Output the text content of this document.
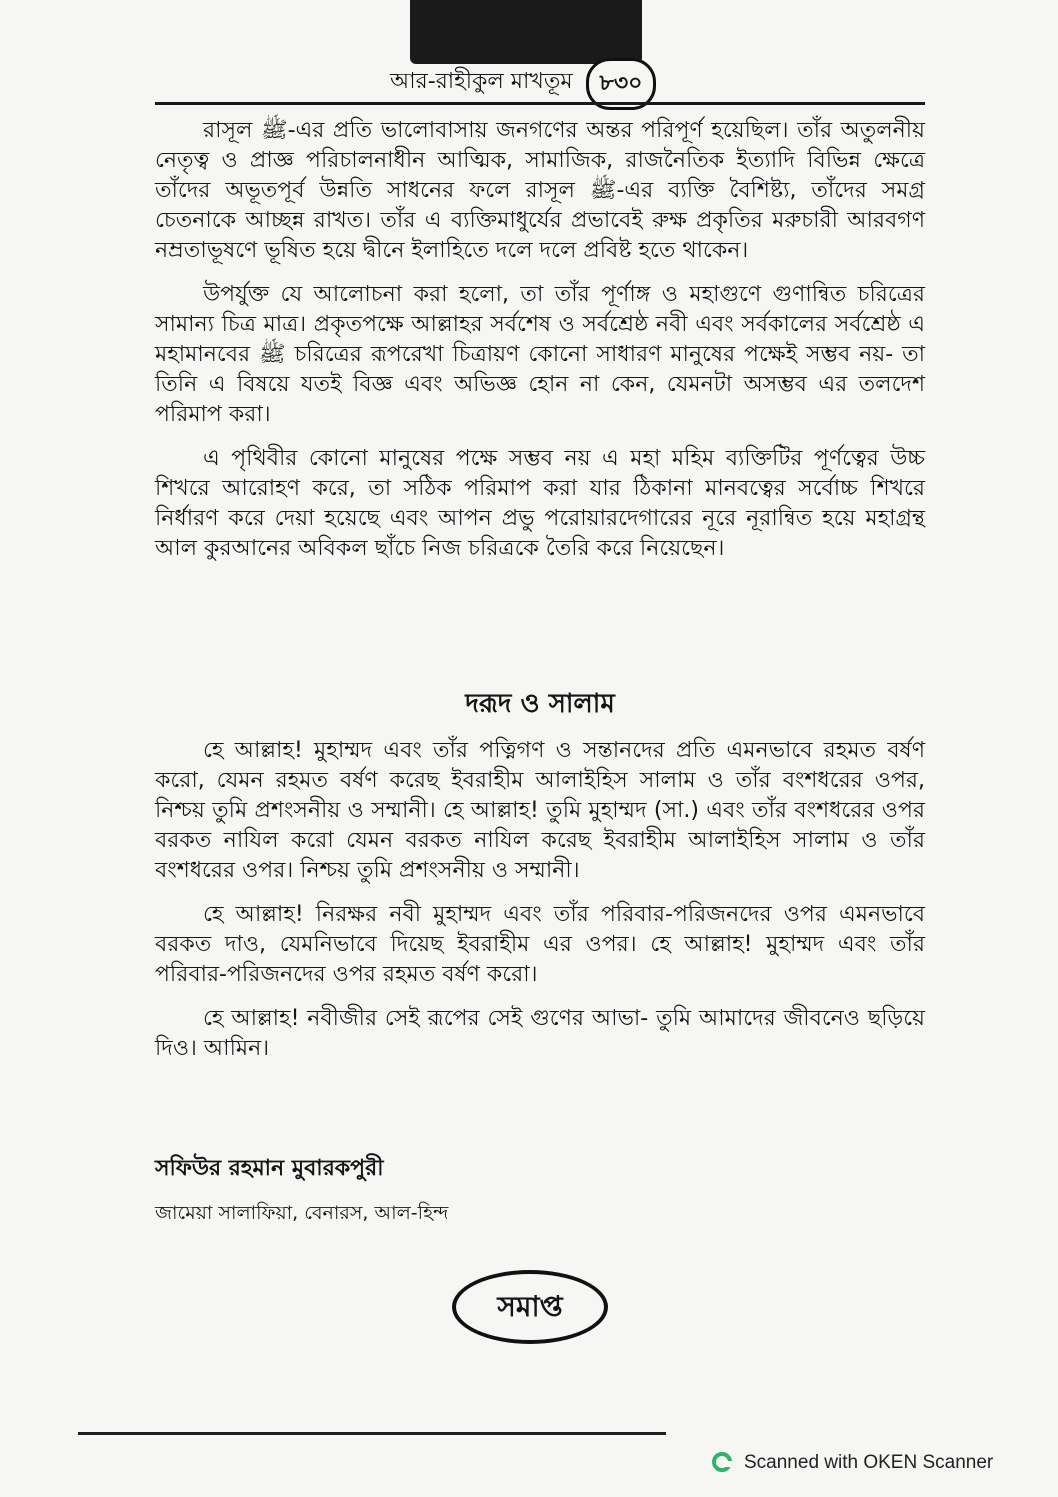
আর-রাহীকুল মাখতূম	৮৩০

রাসূল ﷺ-এর প্রতি ভালোবাসায় জনগণের অন্তর পরিপূর্ণ হয়েছিল। তাঁর অতুলনীয় নেতৃত্ব ও প্রাজ্ঞ পরিচালনাধীন আত্মিক, সামাজিক, রাজনৈতিক ইত্যাদি বিভিন্ন ক্ষেত্রে তাঁদের অভূতপূর্ব উন্নতি সাধনের ফলে রাসূল ﷺ-এর ব্যক্তি বৈশিষ্ট্য, তাঁদের সমগ্র চেতনাকে আচ্ছন্ন রাখত। তাঁর এ ব্যক্তিমাধুর্যের প্রভাবেই রুক্ষ প্রকৃতির মরুচারী আরবগণ নম্রতাভূষণে ভূষিত হয়ে দ্বীনে ইলাহিতে দলে দলে প্রবিষ্ট হতে থাকেন।

উপর্যুক্ত যে আলোচনা করা হলো, তা তাঁর পূর্ণাঙ্গ ও মহাগুণে গুণান্বিত চরিত্রের সামান্য চিত্র মাত্র। প্রকৃতপক্ষে আল্লাহর সর্বশেষ ও সর্বশ্রেষ্ঠ নবী এবং সর্বকালের সর্বশ্রেষ্ঠ এ মহামানবের ﷺ চরিত্রের রূপরেখা চিত্রায়ণ কোনো সাধারণ মানুষের পক্ষেই সম্ভব নয়- তা তিনি এ বিষয়ে যতই বিজ্ঞ এবং অভিজ্ঞ হোন না কেন, যেমনটা অসম্ভব এর তলদেশ পরিমাপ করা।

এ পৃথিবীর কোনো মানুষের পক্ষে সম্ভব নয় এ মহা মহিম ব্যক্তিটির পূর্ণত্বের উচ্চ শিখরে আরোহণ করে, তা সঠিক পরিমাপ করা যার ঠিকানা মানবত্বের সর্বোচ্চ শিখরে নির্ধারণ করে দেয়া হয়েছে এবং আপন প্রভু পরোয়ারদেগারের নূরে নূরান্বিত হয়ে মহাগ্রন্থ আল কুরআনের অবিকল ছাঁচে নিজ চরিত্রকে তৈরি করে নিয়েছেন।

দরূদ ও সালাম

হে আল্লাহ! মুহাম্মদ এবং তাঁর পত্নিগণ ও সন্তানদের প্রতি এমনভাবে রহমত বর্ষণ করো, যেমন রহমত বর্ষণ করেছ ইবরাহীম আলাইহিস সালাম ও তাঁর বংশধরের ওপর, নিশ্চয় তুমি প্রশংসনীয় ও সম্মানী। হে আল্লাহ! তুমি মুহাম্মদ (সা.) এবং তাঁর বংশধরের ওপর বরকত নাযিল করো যেমন বরকত নাযিল করেছ ইবরাহীম আলাইহিস সালাম ও তাঁর বংশধরের ওপর। নিশ্চয় তুমি প্রশংসনীয় ও সম্মানী।

হে আল্লাহ! নিরক্ষর নবী মুহাম্মদ এবং তাঁর পরিবার-পরিজনদের ওপর এমনভাবে বরকত দাও, যেমনিভাবে দিয়েছ ইবরাহীম এর ওপর। হে আল্লাহ! মুহাম্মদ এবং তাঁর পরিবার-পরিজনদের ওপর রহমত বর্ষণ করো।

হে আল্লাহ! নবীজীর সেই রূপের সেই গুণের আভা- তুমি আমাদের জীবনেও ছড়িয়ে দিও। আমিন।

সফিউর রহমান মুবারকপুরী
জামেয়া সালাফিয়া, বেনারস, আল-হিন্দ
সমাপ্ত
Scanned with OKEN Scanner
